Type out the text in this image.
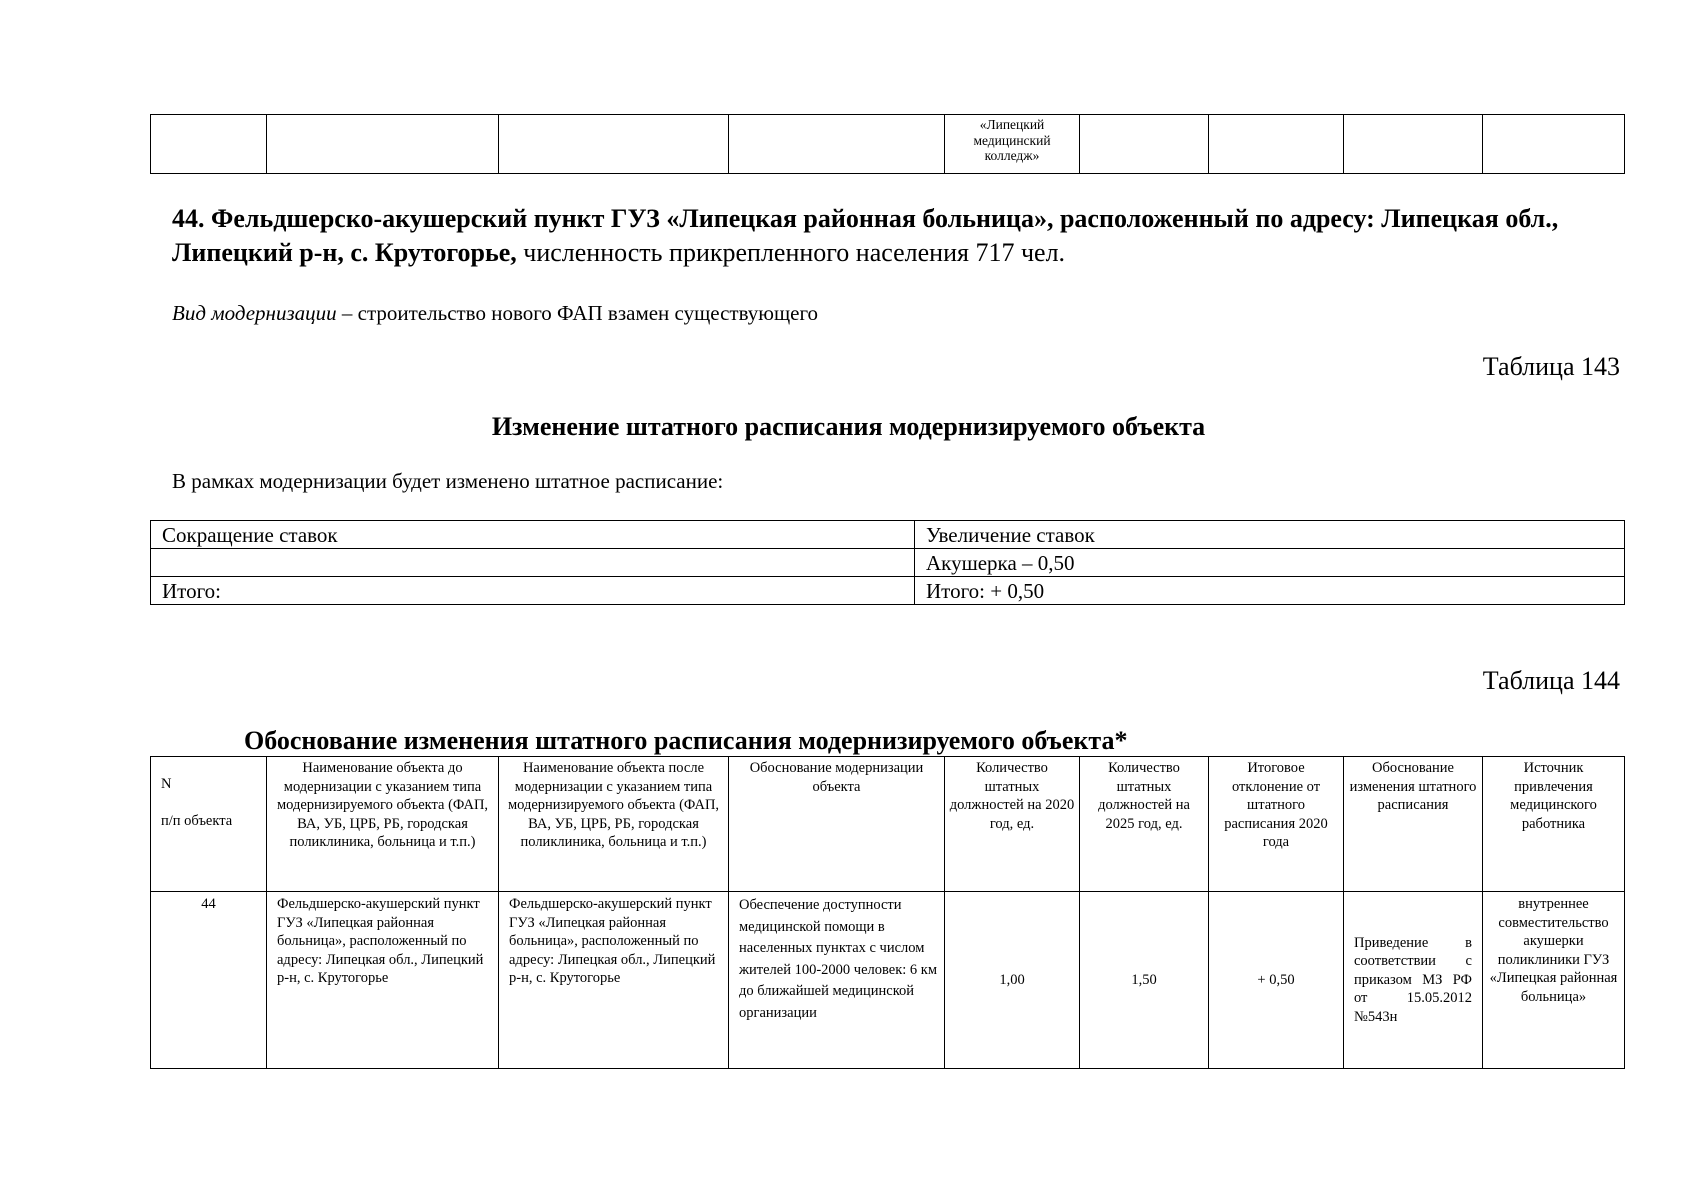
				«Липецкий медицинский колледж»				
44. Фельдшерско-акушерский пункт ГУЗ «Липецкая районная больница», расположенный по адресу: Липецкая обл., Липецкий р-н, с. Крутогорье, численность прикрепленного населения 717 чел.
Вид модернизации – строительство нового ФАП взамен существующего
Таблица 143
Изменение штатного расписания модернизируемого объекта
В рамках модернизации будет изменено штатное расписание:
Сокращение ставок	Увеличение ставок
	Акушерка – 0,50
Итого:	Итого: + 0,50
Таблица 144
Обоснование изменения штатного расписания модернизируемого объекта*
N

п/п объекта	Наименование объекта до модернизации с указанием типа модернизируемого объекта (ФАП, ВА, УБ, ЦРБ, РБ, городская поликлиника, больница и т.п.)	Наименование объекта после модернизации с указанием типа модернизируемого объекта (ФАП, ВА, УБ, ЦРБ, РБ, городская поликлиника, больница и т.п.)	Обоснование модернизации объекта	Количество штатных должностей на 2020 год, ед.	Количество штатных должностей на 2025 год, ед.	Итоговое отклонение от штатного расписания 2020 года	Обоснование изменения штатного расписания	Источник привлечения медицинского работника
44	Фельдшерско-акушерский пункт ГУЗ «Липецкая районная больница», расположенный по адресу: Липецкая обл., Липецкий р-н, с. Крутогорье	Фельдшерско-акушерский пункт ГУЗ «Липецкая районная больница», расположенный по адресу: Липецкая обл., Липецкий р-н, с. Крутогорье	Обеспечение доступности медицинской помощи в населенных пунктах с числом жителей 100-2000 человек: 6 км до ближайшей медицинской организации	1,00	1,50	+ 0,50	Приведение в соответствии с приказом МЗ РФ от 15.05.2012 №543н	внутреннее совместительство акушерки поликлиники ГУЗ «Липецкая районная больница»
